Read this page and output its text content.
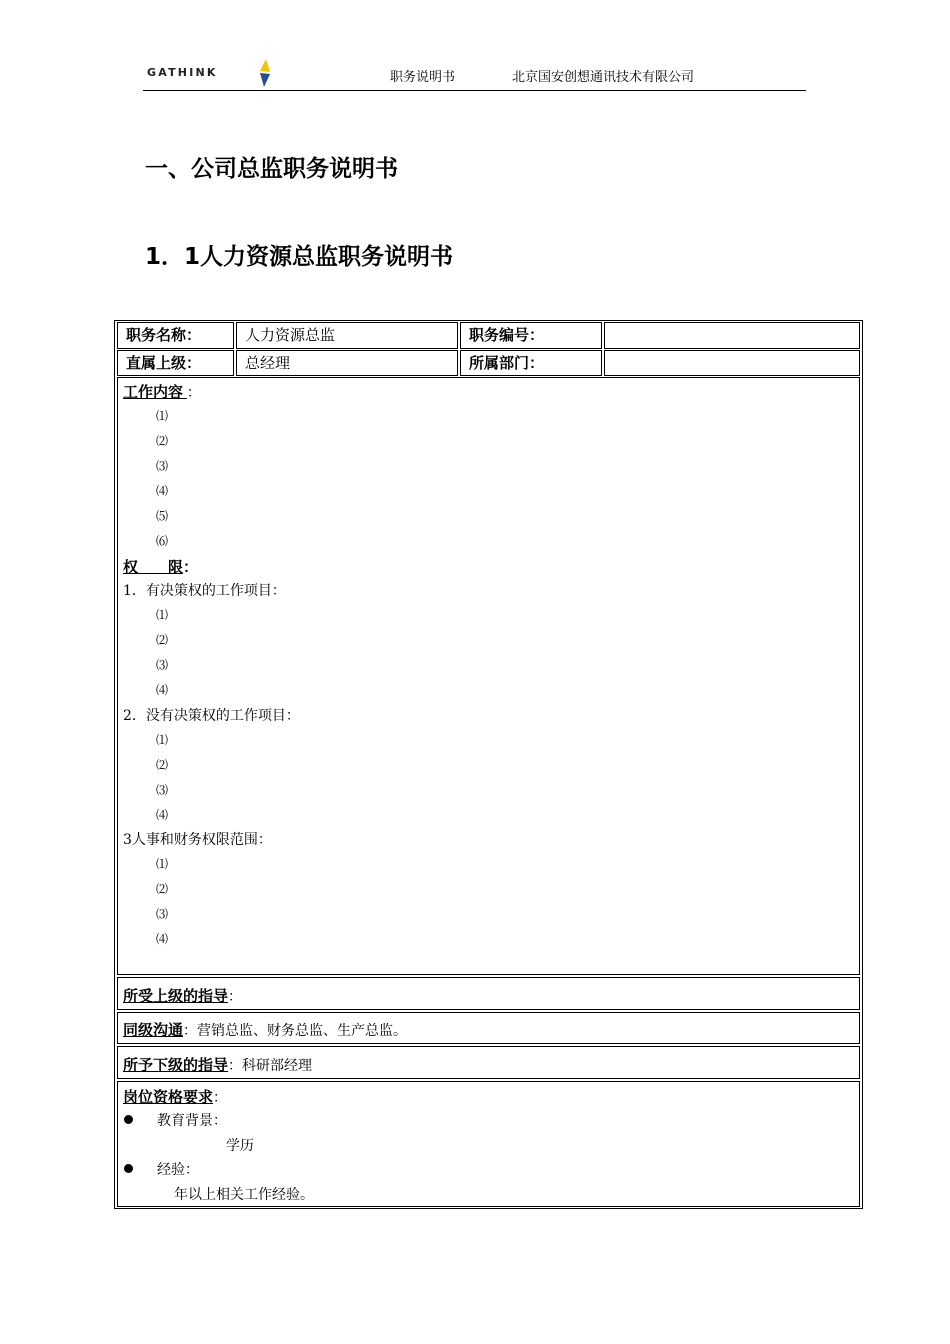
GATHINK	职务说明书	北京国安创想通讯技术有限公司
一、公司总监职务说明书
1．1人力资源总监职务说明书
职务名称：	人力资源总监	职务编号：
直属上级：	总经理	所属部门：
工作内容 ：
⑴
⑵
⑶
⑷
⑸
⑹
权　　限：
1．有决策权的工作项目：
⑴
⑵
⑶
⑷
2．没有决策权的工作项目：
⑴
⑵
⑶
⑷
3人事和财务权限范围：
⑴
⑵
⑶
⑷
所受上级的指导：
同级沟通：营销总监、财务总监、生产总监。
所予下级的指导：科研部经理
岗位资格要求：
教育背景：
学历
经验：
年以上相关工作经验。
